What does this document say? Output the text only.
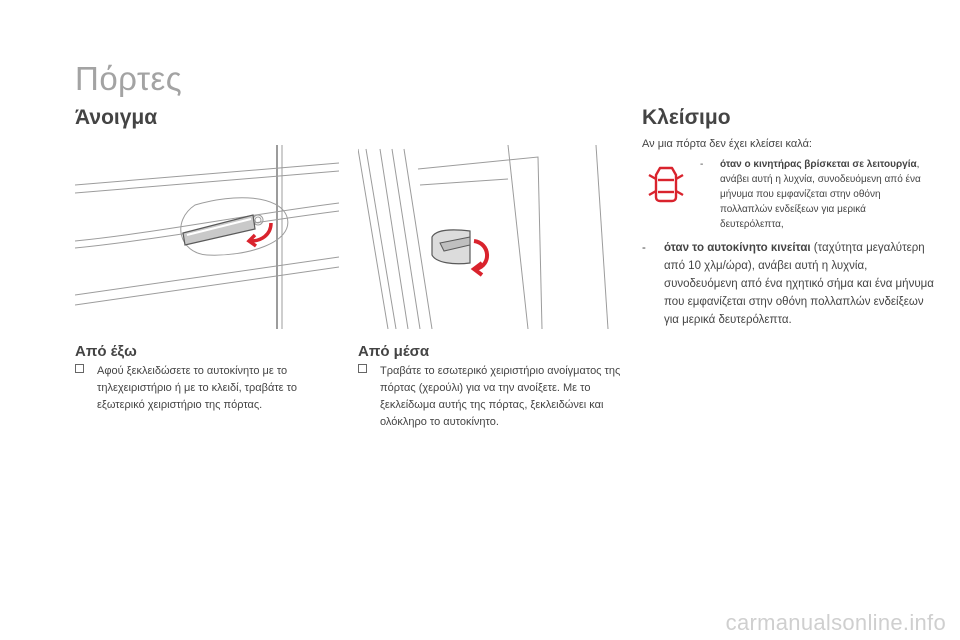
Πόρτες
Άνοιγμα
Από έξω
Αφού ξεκλειδώσετε το αυτοκίνητο με το τηλεχειριστήριο ή με το κλειδί, τραβάτε το εξωτερικό χειριστήριο της πόρτας.
Από μέσα
Τραβάτε το εσωτερικό χειριστήριο ανοίγματος της πόρτας (χερούλι) για να την ανοίξετε. Με το ξεκλείδωμα αυτής της πόρτας, ξεκλειδώνει και ολόκληρο το αυτοκίνητο.
Κλείσιμο
Αν μια πόρτα δεν έχει κλείσει καλά:
- όταν ο κινητήρας βρίσκεται σε λειτουργία, ανάβει αυτή η λυχνία, συνοδευόμενη από ένα μήνυμα που εμφανίζεται στην οθόνη πολλαπλών ενδείξεων για μερικά δευτερόλεπτα,
- όταν το αυτοκίνητο κινείται (ταχύτητα μεγαλύτερη από 10 χλμ/ώρα), ανάβει αυτή η λυχνία, συνοδευόμενη από ένα ηχητικό σήμα και ένα μήνυμα που εμφανίζεται στην οθόνη πολλαπλών ενδείξεων για μερικά δευτερόλεπτα.
carmanualsonline.info
